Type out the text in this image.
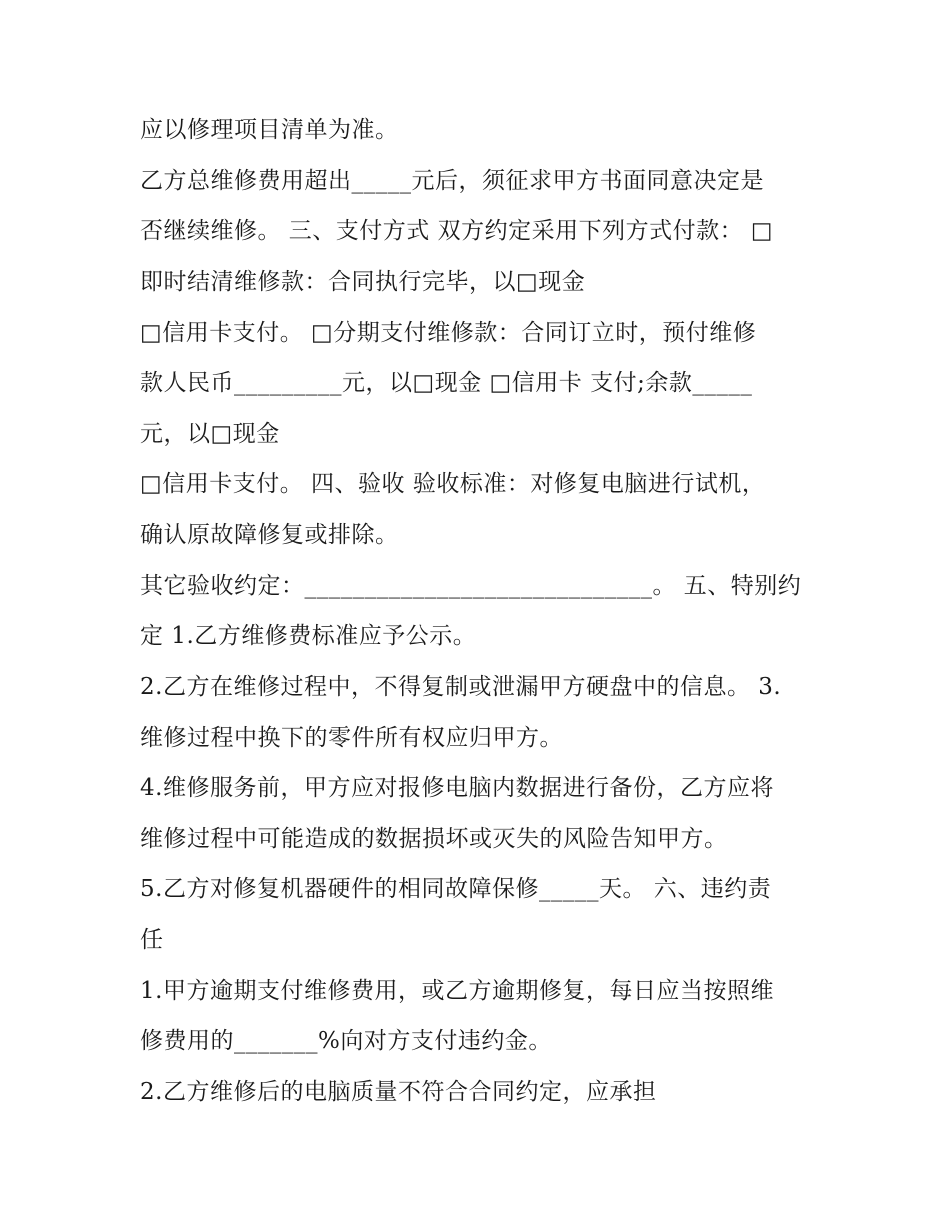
应以修理项目清单为准。
乙方总维修费用超出_____元后，须征求甲方书面同意决定是
否继续维修。 三、支付方式 双方约定采用下列方式付款： □
即时结清维修款：合同执行完毕，以□现金
□信用卡支付。 □分期支付维修款：合同订立时，预付维修
款人民币_________元，以□现金 □信用卡 支付;余款_____
元，以□现金
□信用卡支付。 四、验收 验收标准：对修复电脑进行试机，
确认原故障修复或排除。
其它验收约定：_____________________________。 五、特别约
定 1.乙方维修费标准应予公示。
2.乙方在维修过程中，不得复制或泄漏甲方硬盘中的信息。 3.
维修过程中换下的零件所有权应归甲方。
4.维修服务前，甲方应对报修电脑内数据进行备份，乙方应将
维修过程中可能造成的数据损坏或灭失的风险告知甲方。
5.乙方对修复机器硬件的相同故障保修_____天。 六、违约责
任
1.甲方逾期支付维修费用，或乙方逾期修复，每日应当按照维
修费用的_______%向对方支付违约金。
2.乙方维修后的电脑质量不符合合同约定，应承担
